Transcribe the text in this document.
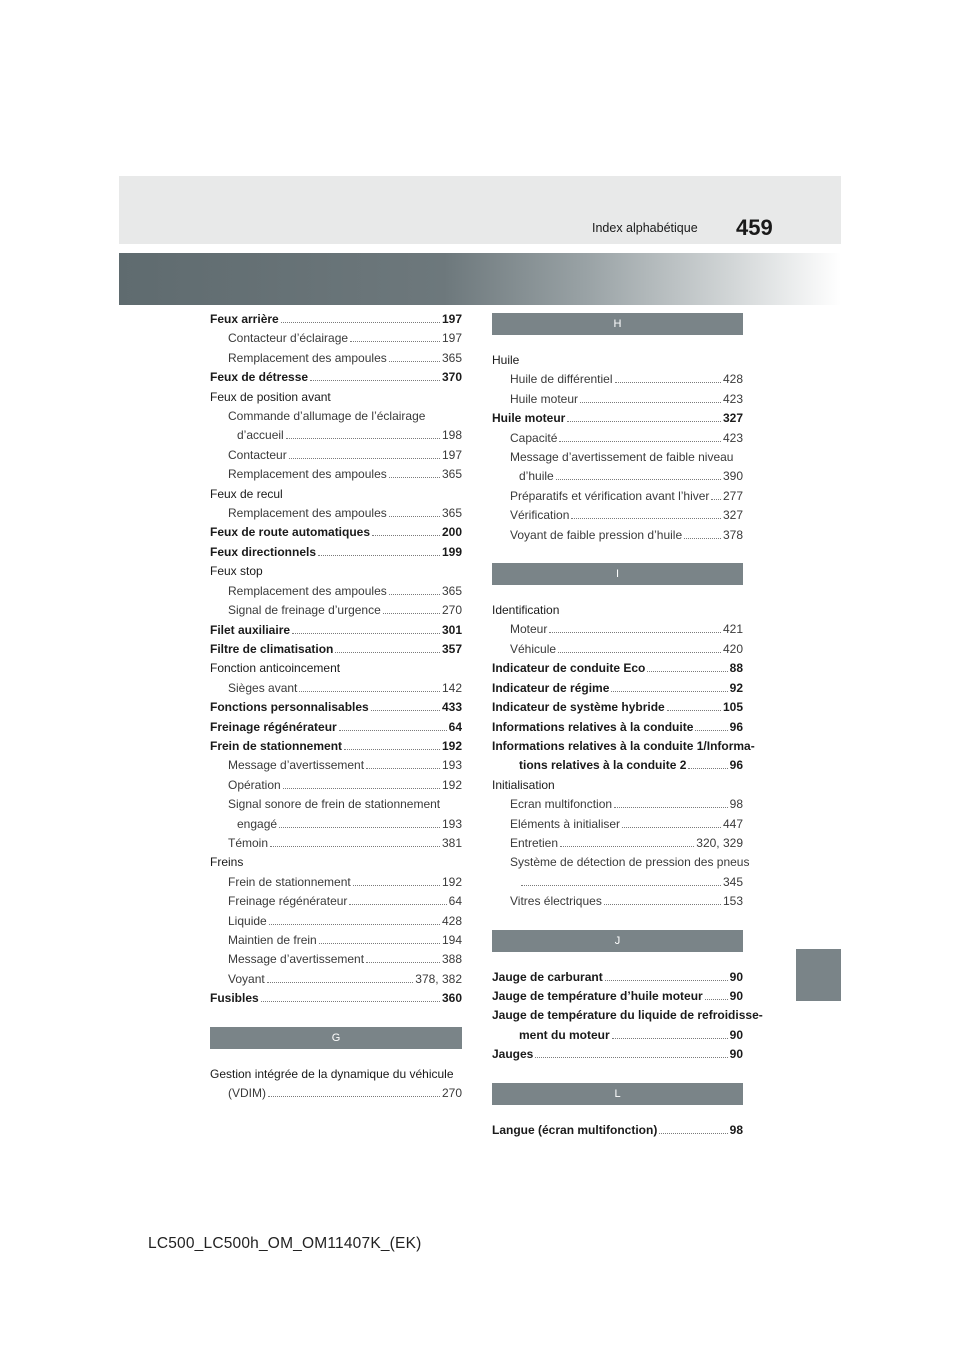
Index alphabétique 459
Feux arrière	197
Contacteur d’éclairage	197
Remplacement des ampoules	365
Feux de détresse	370
Feux de position avant
Commande d’allumage de l’éclairage
d’accueil	198
Contacteur	197
Remplacement des ampoules	365
Feux de recul
Remplacement des ampoules	365
Feux de route automatiques	200
Feux directionnels	199
Feux stop
Remplacement des ampoules	365
Signal de freinage d’urgence	270
Filet auxiliaire	301
Filtre de climatisation	357
Fonction anticoincement
Sièges avant	142
Fonctions personnalisables	433
Freinage régénérateur	64
Frein de stationnement	192
Message d’avertissement	193
Opération	192
Signal sonore de frein de stationnement
engagé	193
Témoin	381
Freins
Frein de stationnement	192
Freinage régénérateur	64
Liquide	428
Maintien de frein	194
Message d’avertissement	388
Voyant	378, 382
Fusibles	360
G
Gestion intégrée de la dynamique du véhicule
(VDIM)	270
H
Huile
Huile de différentiel	428
Huile moteur	423
Huile moteur	327
Capacité	423
Message d’avertissement de faible niveau
d’huile	390
Préparatifs et vérification avant l’hiver 277
Vérification	327
Voyant de faible pression d’huile	378
I
Identification
Moteur	421
Véhicule	420
Indicateur de conduite Eco	88
Indicateur de régime	92
Indicateur de système hybride	105
Informations relatives à la conduite	96
Informations relatives à la conduite 1/Informa-
tions relatives à la conduite 2	96
Initialisation
Ecran multifonction	98
Eléments à initialiser	447
Entretien	320, 329
Système de détection de pression des pneus
345
Vitres électriques	153
J
Jauge de carburant	90
Jauge de température d’huile moteur 90
Jauge de température du liquide de refroidisse-
ment du moteur	90
Jauges	90
L
Langue (écran multifonction)	98
LC500_LC500h_OM_OM11407K_(EK)
